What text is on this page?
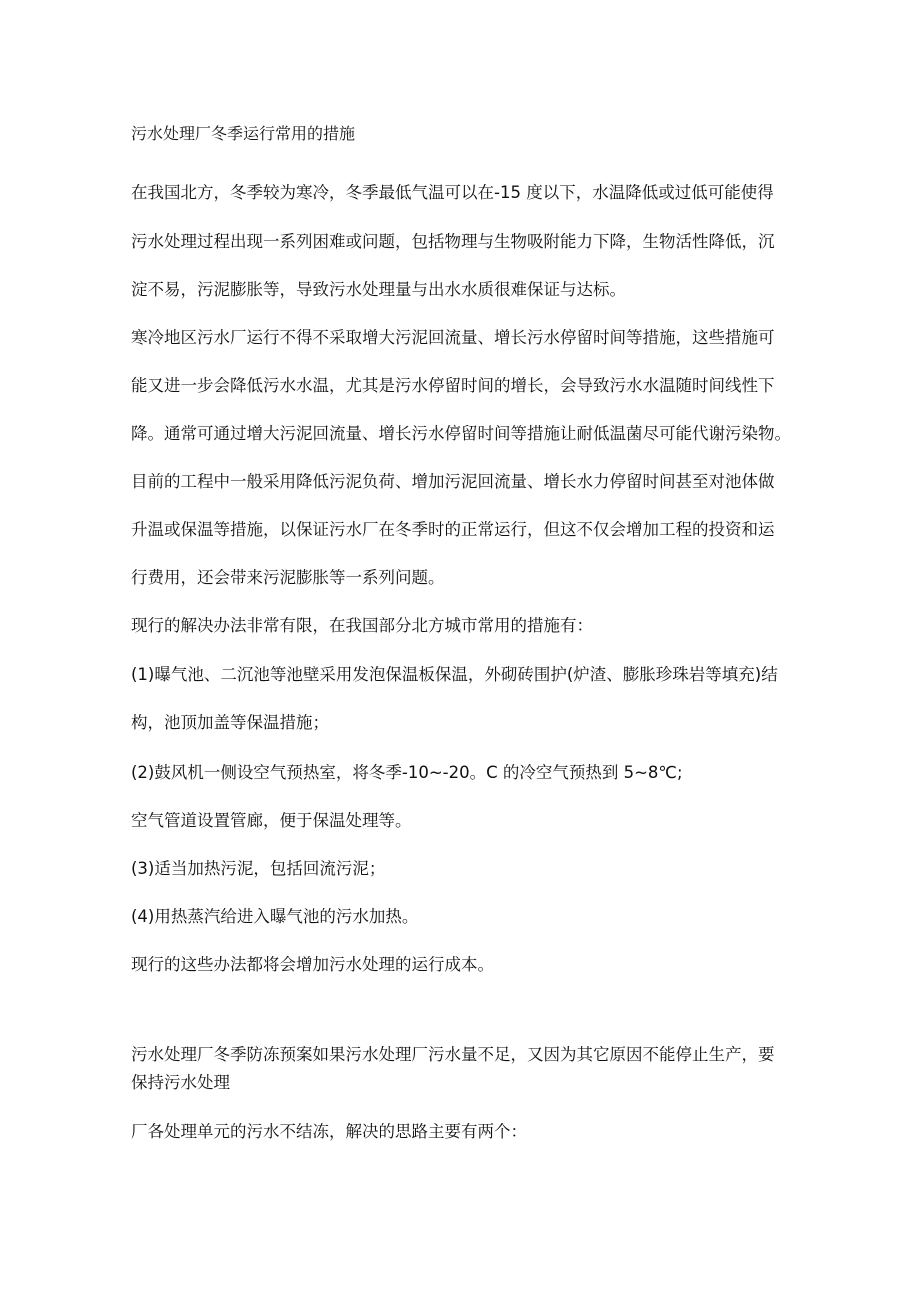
污水处理厂冬季运行常用的措施
在我国北方，冬季较为寒冷，冬季最低气温可以在-15 度以下，水温降低或过低可能使得
污水处理过程出现一系列困难或问题，包括物理与生物吸附能力下降，生物活性降低，沉
淀不易，污泥膨胀等，导致污水处理量与出水水质很难保证与达标。
寒冷地区污水厂运行不得不采取增大污泥回流量、增长污水停留时间等措施，这些措施可
能又进一步会降低污水水温，尤其是污水停留时间的增长，会导致污水水温随时间线性下
降。通常可通过增大污泥回流量、增长污水停留时间等措施让耐低温菌尽可能代谢污染物。
目前的工程中一般采用降低污泥负荷、增加污泥回流量、增长水力停留时间甚至对池体做
升温或保温等措施，以保证污水厂在冬季时的正常运行，但这不仅会增加工程的投资和运
行费用，还会带来污泥膨胀等一系列问题。
现行的解决办法非常有限，在我国部分北方城市常用的措施有：
(1)曝气池、二沉池等池壁采用发泡保温板保温，外砌砖围护(炉渣、膨胀珍珠岩等填充)结
构，池顶加盖等保温措施；
(2)鼓风机一侧设空气预热室，将冬季-10~-20。C 的冷空气预热到 5~8℃;
空气管道设置管廊，便于保温处理等。
(3)适当加热污泥，包括回流污泥；
(4)用热蒸汽给进入曝气池的污水加热。
现行的这些办法都将会增加污水处理的运行成本。
污水处理厂冬季防冻预案如果污水处理厂污水量不足，又因为其它原因不能停止生产，要
保持污水处理
厂各处理单元的污水不结冻，解决的思路主要有两个：
